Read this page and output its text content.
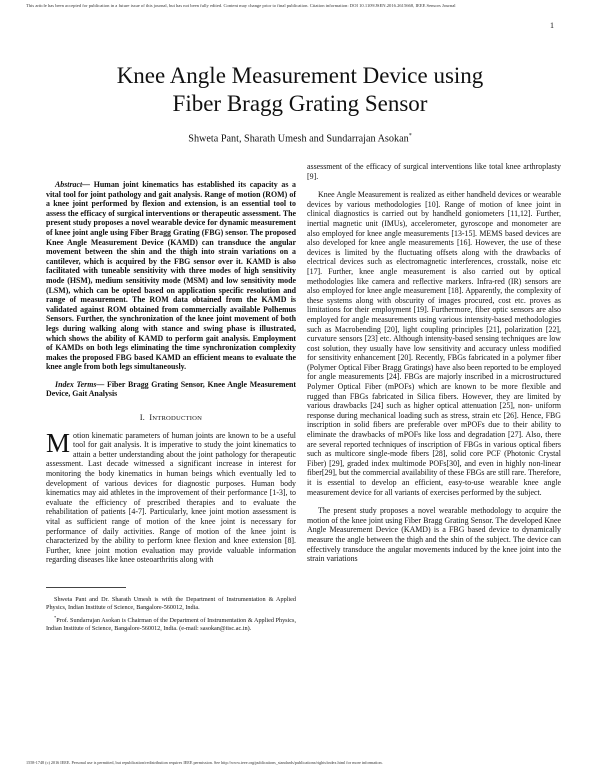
This article has been accepted for publication in a future issue of this journal, but has not been fully edited. Content may change prior to final publication. Citation information: DOI 10.1109/JSEN.2016.2615668, IEEE Sensors Journal
1
Knee Angle Measurement Device using
Fiber Bragg Grating Sensor
Shweta Pant, Sharath Umesh and Sundarrajan Asokan*

Abstract— Human joint kinematics has established its capacity as a vital tool for joint pathology and gait analysis. Range of motion (ROM) of a knee joint performed by flexion and extension, is an essential tool to assess the efficacy of surgical interventions or therapeutic assessment. The present study proposes a novel wearable device for dynamic measurement of knee joint angle using Fiber Bragg Grating (FBG) sensor. The proposed Knee Angle Measurement Device (KAMD) can transduce the angular movement between the shin and the thigh into strain variations on a cantilever, which is acquired by the FBG sensor over it. KAMD is also facilitated with tuneable sensitivity with three modes of high sensitivity mode (HSM), medium sensitivity mode (MSM) and low sensitivity mode (LSM), which can be opted based on application specific resolution and range of measurement. The ROM data obtained from the KAMD is validated against ROM obtained from commercially available Polhemus Sensors. Further, the synchronization of the knee joint movement of both legs during walking along with stance and swing phase is illustrated, which shows the ability of KAMD to perform gait analysis. Employment of KAMDs on both legs eliminating the time synchronization complexity makes the proposed FBG based KAMD an efficient means to evaluate the knee angle from both legs simultaneously.

Index Terms— Fiber Bragg Grating Sensor, Knee Angle Measurement Device, Gait Analysis

I. INTRODUCTION

Motion kinematic parameters of human joints are known to be a useful tool for gait analysis. It is imperative to study the joint kinematics to attain a better understanding about the joint pathology for therapeutic assessment. Last decade witnessed a significant increase in interest for monitoring the body kinematics in human beings which eventually led to development of various devices for diagnostic purposes. Human body kinematics may aid athletes in the improvement of their performance [1-3], to evaluate the efficiency of prescribed therapies and to evaluate the rehabilitation of patients [4-7]. Particularly, knee joint motion assessment is vital as sufficient range of motion of the knee joint is necessary for performance of daily activities. Range of motion of the knee joint is characterized by the ability to perform knee flexion and knee extension [8]. Further, knee joint motion evaluation may provide valuable information regarding diseases like knee osteoarthritis along with

Shweta Pant and Dr. Sharath Umesh is with the Department of Instrumentation & Applied Physics, Indian Institute of Science, Bangalore-560012, India.

*Prof. Sundarrajan Asokan is Chairman of the Department of Instrumentation & Applied Physics, Indian Institute of Science, Bangalore-560012, India. (e-mail: sasokan@iisc.ac.in).

assessment of the efficacy of surgical interventions like total knee arthroplasty [9].

Knee Angle Measurement is realized as either handheld devices or wearable devices by various methodologies [10]. Range of motion of knee joint in clinical diagnostics is carried out by handheld goniometers [11,12]. Further, inertial magnetic unit (IMUs), accelerometer, gyroscope and monometer are also employed for knee angle measurements [13-15]. MEMS based devices are also developed for knee angle measurements [16]. However, the use of these devices is limited by the fluctuating offsets along with the drawbacks of electrical devices such as electromagnetic interferences, crosstalk, noise etc [17]. Further, knee angle measurement is also carried out by optical methodologies like camera and reflective markers. Infra-red (IR) sensors are also employed for knee angle measurement [18]. Apparently, the complexity of these systems along with obscurity of images procured, cost etc. proves as limitations for their employment [19]. Furthermore, fiber optic sensors are also employed for angle measurements using various intensity-based methodologies such as Macrobending [20], light coupling principles [21], polarization [22], curvature sensors [23] etc. Although intensity-based sensing techniques are low cost solution, they usually have low sensitivity and accuracy unless modified for sensitivity enhancement [20]. Recently, FBGs fabricated in a polymer fiber (Polymer Optical Fiber Bragg Gratings) have also been reported to be employed for angle measurements [24]. FBGs are majorly inscribed in a microstructured Polymer Optical Fiber (mPOFs) which are known to be more flexible and rugged than FBGs fabricated in Silica fibers. However, they are limited by various drawbacks [24] such as higher optical attenuation [25], non- uniform response during mechanical loading such as stress, strain etc [26]. Hence, FBG inscription in solid fibers are preferable over mPOFs due to their ability to eliminate the drawbacks of mPOFs like loss and degradation [27]. Also, there are several reported techniques of inscription of FBGs in various optical fibers such as multicore single-mode fibers [28], solid core PCF (Photonic Crystal Fiber) [29], graded index multimode POFs[30], and even in highly non-linear fiber[29], but the commercial availability of these FBGs are still rare. Therefore, it is essential to develop an efficient, easy-to-use wearable knee angle measurement device for all variants of exercises performed by the subject.

The present study proposes a novel wearable methodology to acquire the motion of the knee joint using Fiber Bragg Grating Sensor. The developed Knee Angle Measurement Device (KAMD) is a FBG based device to dynamically measure the angle between the thigh and the shin of the subject. The device can effectively transduce the angular movements induced by the knee joint into the strain variations

1558-1748 (c) 2016 IEEE. Personal use is permitted, but republication/redistribution requires IEEE permission. See http://www.ieee.org/publications_standards/publications/rights/index.html for more information.
